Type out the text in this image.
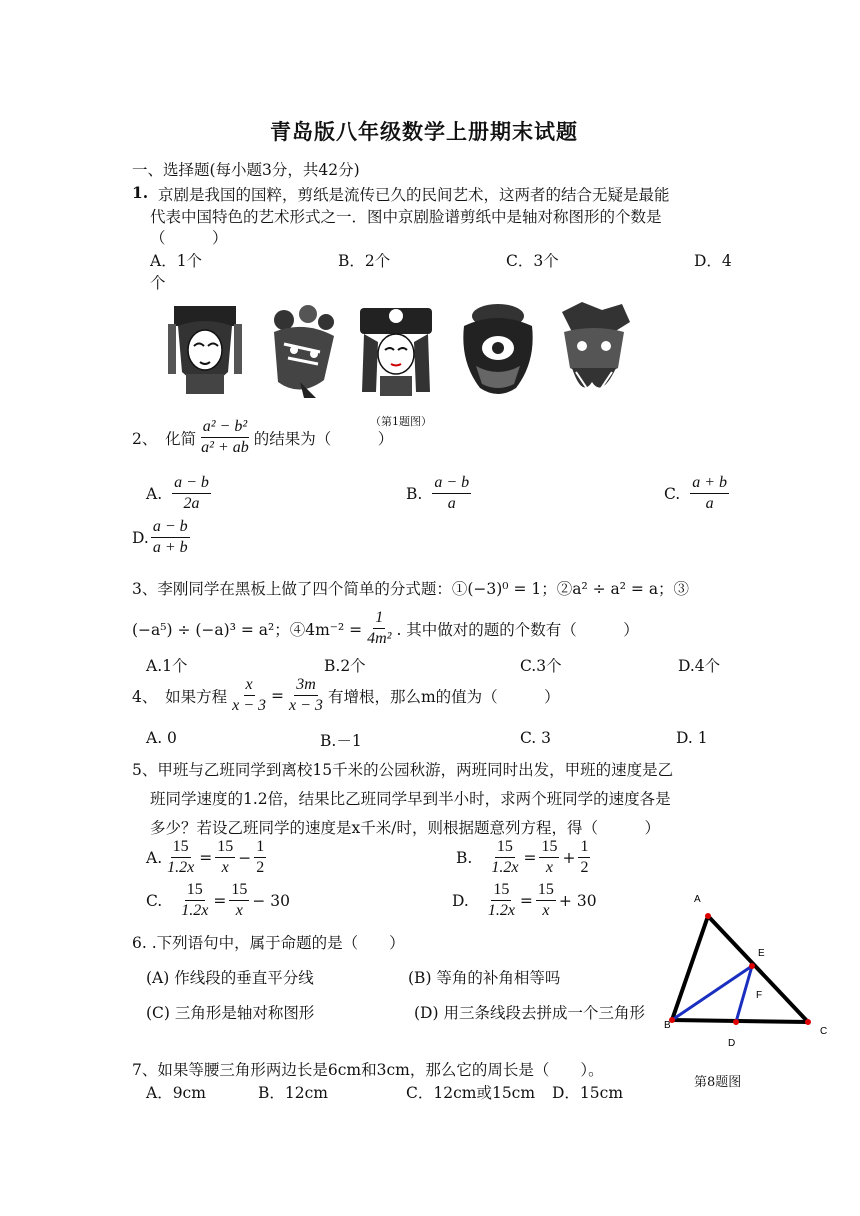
青岛版八年级数学上册期末试题
一、选择题(每小题3分，共42分)
1. 京剧是我国的国粹，剪纸是流传已久的民间艺术，这两者的结合无疑是最能
代表中国特色的艺术形式之一．图中京剧脸谱剪纸中是轴对称图形的个数是
（　　　）
A．1个	B．2个	C．3个	D．4
个
（第1题图）
2、　化简 $\frac{\text{a² − b²}}{\text{a² + ab}}$ 的结果为（　　　）
A. $\frac{a - b}{2a}$	B. $\frac{a - b}{a}$	C. $\frac{a + b}{a}$
D. $\frac{a - b}{a + b}$
3、李刚同学在黑板上做了四个简单的分式题：①(−3)⁰ = 1；②a² ÷ a² = a；③
(−a⁵) ÷ (−a)³ = a²；④4m⁻² = $\frac{1}{\text{4m²}}$ . 其中做对的题的个数有（　　　）
A.1个	B.2个	C.3个	D.4个
4、　如果方程 $\frac{x}{x - 3} = \frac{3m}{x - 3}$ 有增根，那么m的值为（　　　）
A. 0	B.－1	C. 3	D. 1
5、甲班与乙班同学到离校15千米的公园秋游，两班同时出发，甲班的速度是乙
班同学速度的1.2倍，结果比乙班同学早到半小时，求两个班同学的速度各是
多少？若设乙班同学的速度是x千米/时，则根据题意列方程，得（　　　）
A. $\frac{15}{1.2x} = \frac{15}{x} - \frac{1}{2}$	B. $\frac{15}{1.2x} = \frac{15}{x} + \frac{1}{2}$
C. $\frac{15}{1.2x} = \frac{15}{x} - 30$	D. $\frac{15}{1.2x} = \frac{15}{x} + 30$
6. .下列语句中，属于命题的是（　　）
(A) 作线段的垂直平分线	(B) 等角的补角相等吗
(C) 三角形是轴对称图形	(D) 用三条线段去拼成一个三角形
A
B
C
D
E
F
第8题图
7、如果等腰三角形两边长是6cm和3cm，那么它的周长是（　　）。
A．9cm	B．12cm	C．12cm或15cm D．15cm
